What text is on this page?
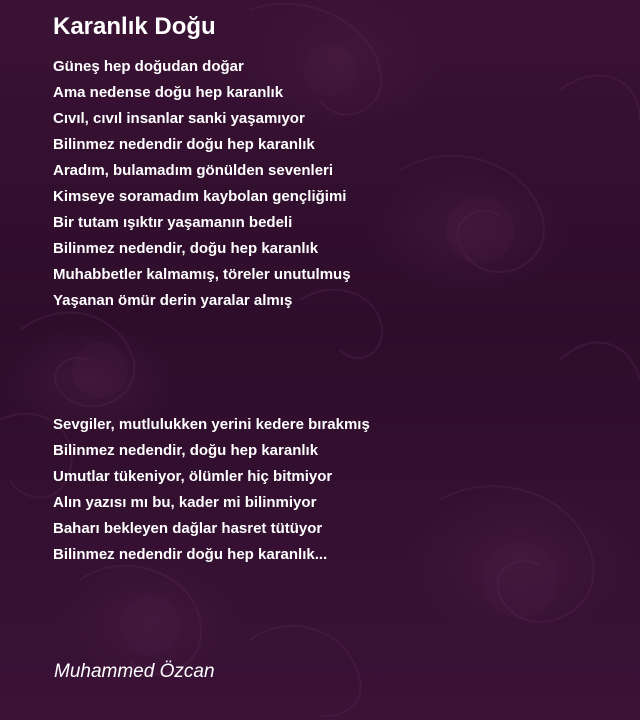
Karanlık Doğu
Güneş hep doğudan doğar
Ama nedense doğu hep karanlık
Cıvıl, cıvıl insanlar sanki yaşamıyor
Bilinmez nedendir doğu hep karanlık
Aradım, bulamadım gönülden sevenleri
Kimseye soramadım kaybolan gençliğimi
Bir tutam ışıktır yaşamanın bedeli
Bilinmez nedendir, doğu hep karanlık
Muhabbetler kalmamış, töreler unutulmuş
Yaşanan ömür derin yaralar almış
Sevgiler, mutlulukken yerini kedere bırakmış
Bilinmez nedendir, doğu hep karanlık
Umutlar tükeniyor, ölümler hiç bitmiyor
Alın yazısı mı bu, kader mi bilinmiyor
Baharı bekleyen dağlar hasret tütüyor
Bilinmez nedendir doğu hep karanlık...

Muhammed Özcan
